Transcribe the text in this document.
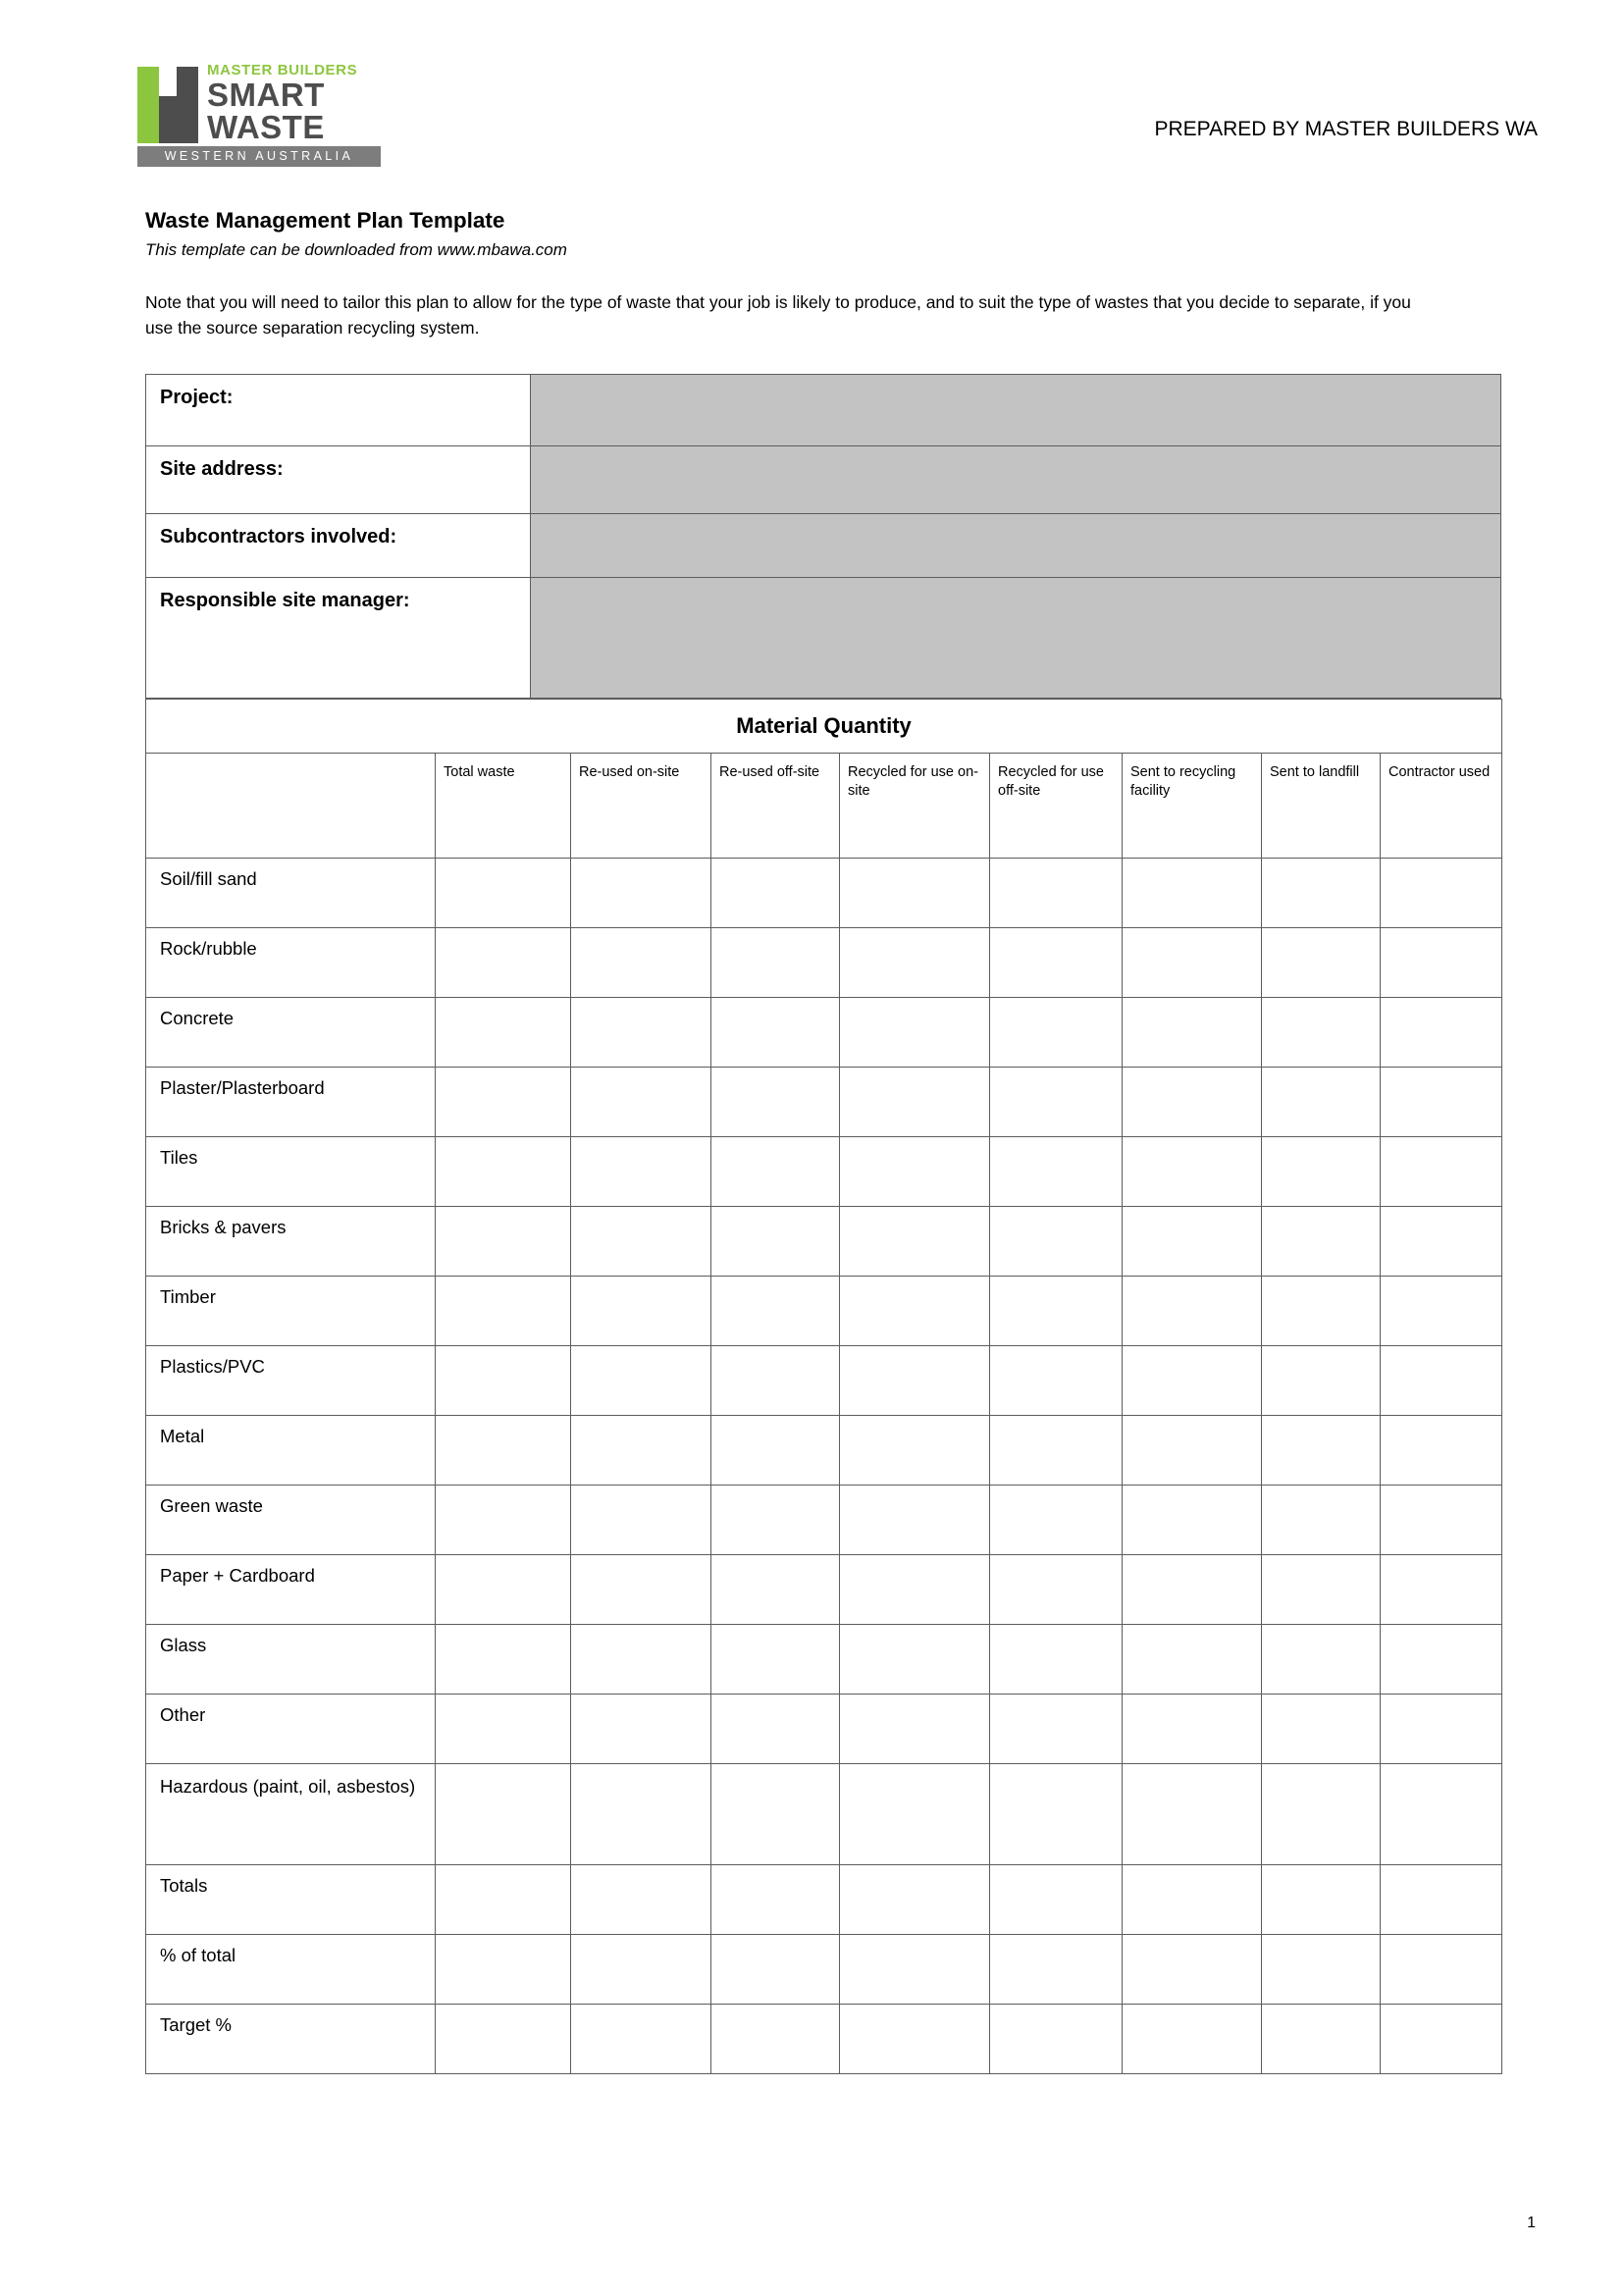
MASTER BUILDERS
SMART
WASTE
WESTERN AUSTRALIA
PREPARED BY MASTER BUILDERS WA
Waste Management Plan Template
This template can be downloaded from www.mbawa.com
Note that you will need to tailor this plan to allow for the type of waste that your job is likely to produce, and to suit the type of wastes that you decide to separate, if you use the source separation recycling system.
Project:	
Site address:	
Subcontractors involved:	
Responsible site manager:	
Material Quantity								
	Total waste	Re-used on-site	Re-used off-site	Recycled for use on-site	Recycled for use off-site	Sent to recycling facility	Sent to landfill	Contractor used
Soil/fill sand								
Rock/rubble								
Concrete								
Plaster/Plasterboard								
Tiles								
Bricks & pavers								
Timber								
Plastics/PVC								
Metal								
Green waste								
Paper + Cardboard								
Glass								
Other								
Hazardous (paint, oil, asbestos)								
Totals								
% of total								
Target %								
1
